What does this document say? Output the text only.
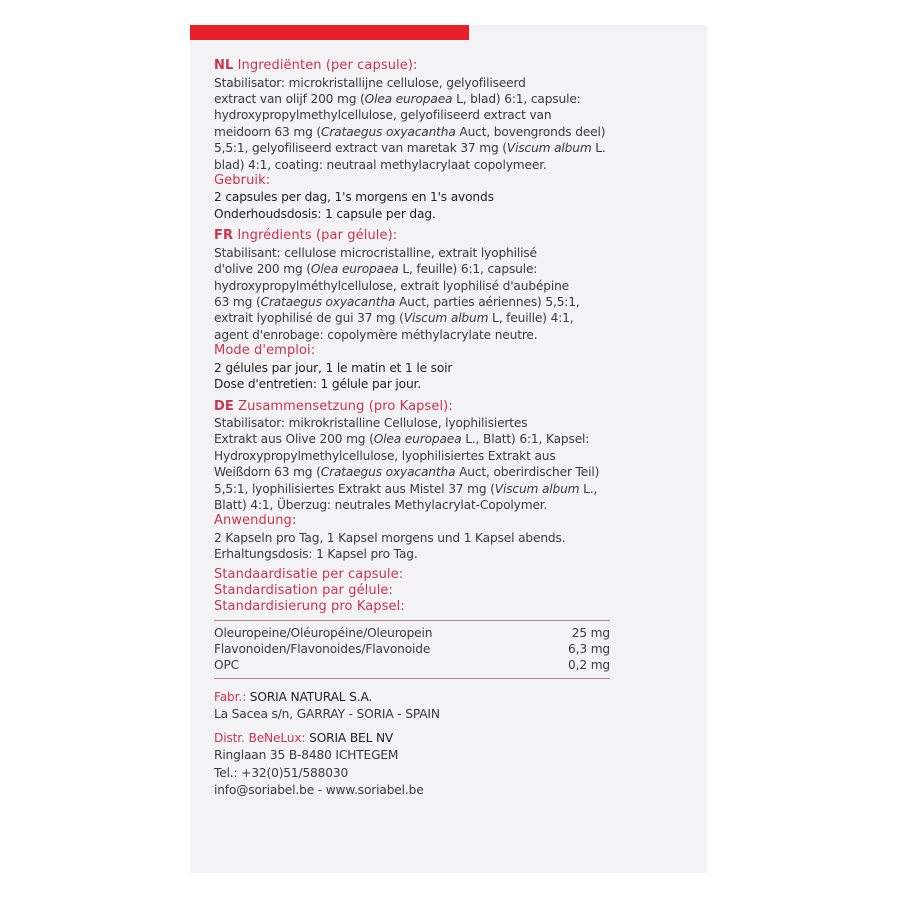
NL Ingrediënten (per capsule):

Stabilisator: microkristallijne cellulose, gelyofiliseerd

extract van olijf 200 mg (Olea europaea L, blad) 6:1, capsule:

hydroxypropylmethylcellulose, gelyofiliseerd extract van

meidoorn 63 mg (Crataegus oxyacantha Auct, bovengronds deel)

5,5:1, gelyofiliseerd extract van maretak 37 mg (Viscum album L.

blad) 4:1, coating: neutraal methylacrylaat copolymeer.

Gebruik:
2 capsules per dag, 1's morgens en 1's avonds
Onderhoudsdosis: 1 capsule per dag.
FR Ingrédients (par gélule):

Stabilisant: cellulose microcristalline, extrait lyophilisé

d'olive 200 mg (Olea europaea L, feuille) 6:1, capsule:

hydroxypropylméthylcellulose, extrait lyophilisé d'aubépine

63 mg (Crataegus oxyacantha Auct, parties aériennes) 5,5:1,

extrait lyophilisé de gui 37 mg (Viscum album L, feuille) 4:1,

agent d'enrobage: copolymère méthylacrylate neutre.

Mode d'emploi:
2 gélules par jour, 1 le matin et 1 le soir
Dose d'entretien: 1 gélule par jour.
DE Zusammensetzung (pro Kapsel):

Stabilisator: mikrokristalline Cellulose, lyophilisiertes

Extrakt aus Olive 200 mg (Olea europaea L., Blatt) 6:1, Kapsel:

Hydroxypropylmethylcellulose, lyophilisiertes Extrakt aus

Weißdorn 63 mg (Crataegus oxyacantha Auct, oberirdischer Teil)

5,5:1, lyophilisiertes Extrakt aus Mistel 37 mg (Viscum album L.,

Blatt) 4:1, Überzug: neutrales Methylacrylat-Copolymer.

Anwendung:
2 Kapseln pro Tag, 1 Kapsel morgens und 1 Kapsel abends.
Erhaltungsdosis: 1 Kapsel pro Tag.
Standaardisatie per capsule:
Standardisation par gélule:
Standardisierung pro Kapsel:
Oleuropeine/Oléuropéine/Oleuropein	25 mg
Flavonoiden/Flavonoides/Flavonoide	6,3 mg
OPC	0,2 mg
Fabr.: SORIA NATURAL S.A.
La Sacea s/n, GARRAY - SORIA - SPAIN
Distr. BeNeLux: SORIA BEL NV
Ringlaan 35 B-8480 ICHTEGEM
Tel.: +32(0)51/588030
info@soriabel.be - www.soriabel.be
